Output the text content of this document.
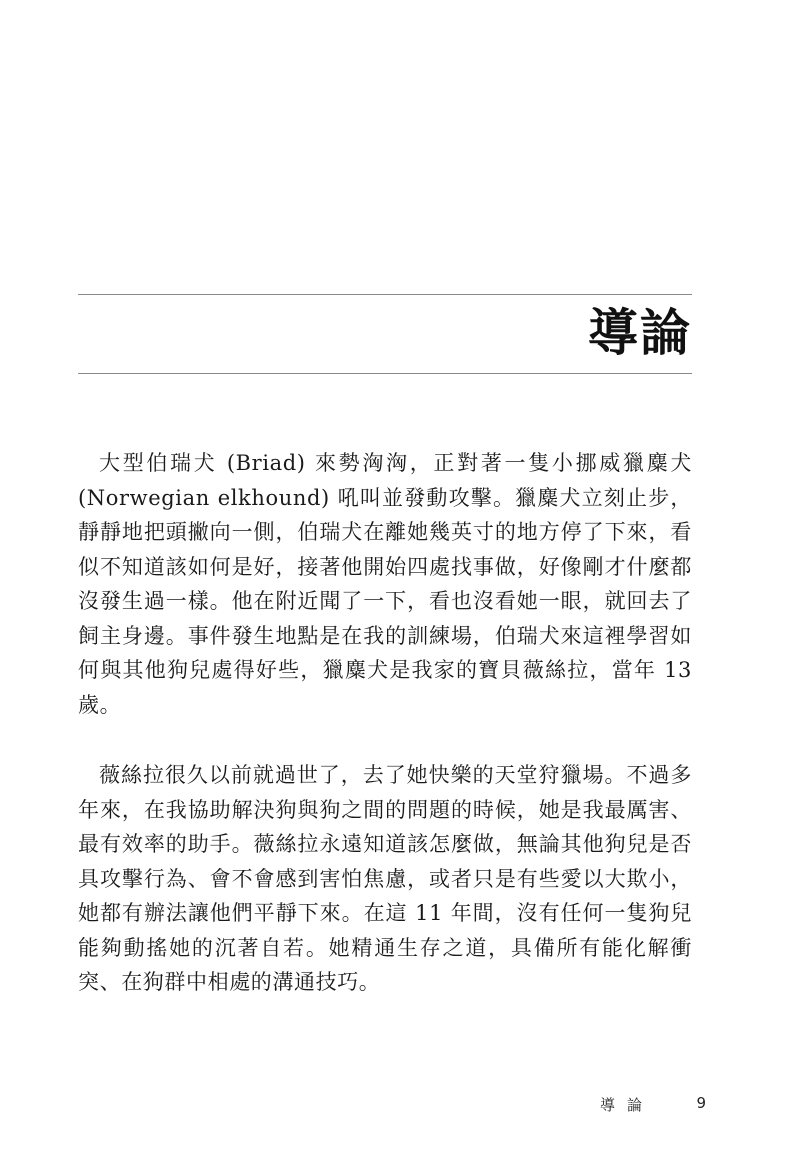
導論

大型伯瑞犬 (Briad) 來勢洶洶，正對著一隻小挪威獵麋犬 (Norwegian elkhound) 吼叫並發動攻擊。獵麋犬立刻止步，靜靜地把頭撇向一側，伯瑞犬在離她幾英寸的地方停了下來，看似不知道該如何是好，接著他開始四處找事做，好像剛才什麼都沒發生過一樣。他在附近聞了一下，看也沒看她一眼，就回去了飼主身邊。事件發生地點是在我的訓練場，伯瑞犬來這裡學習如何與其他狗兒處得好些，獵麋犬是我家的寶貝薇絲拉，當年 13 歲。

薇絲拉很久以前就過世了，去了她快樂的天堂狩獵場。不過多年來，在我協助解決狗與狗之間的問題的時候，她是我最厲害、最有效率的助手。薇絲拉永遠知道該怎麼做，無論其他狗兒是否具攻擊行為、會不會感到害怕焦慮，或者只是有些愛以大欺小，她都有辦法讓他們平靜下來。在這 11 年間，沒有任何一隻狗兒能夠動搖她的沉著自若。她精通生存之道，具備所有能化解衝突、在狗群中相處的溝通技巧。

導論	9
